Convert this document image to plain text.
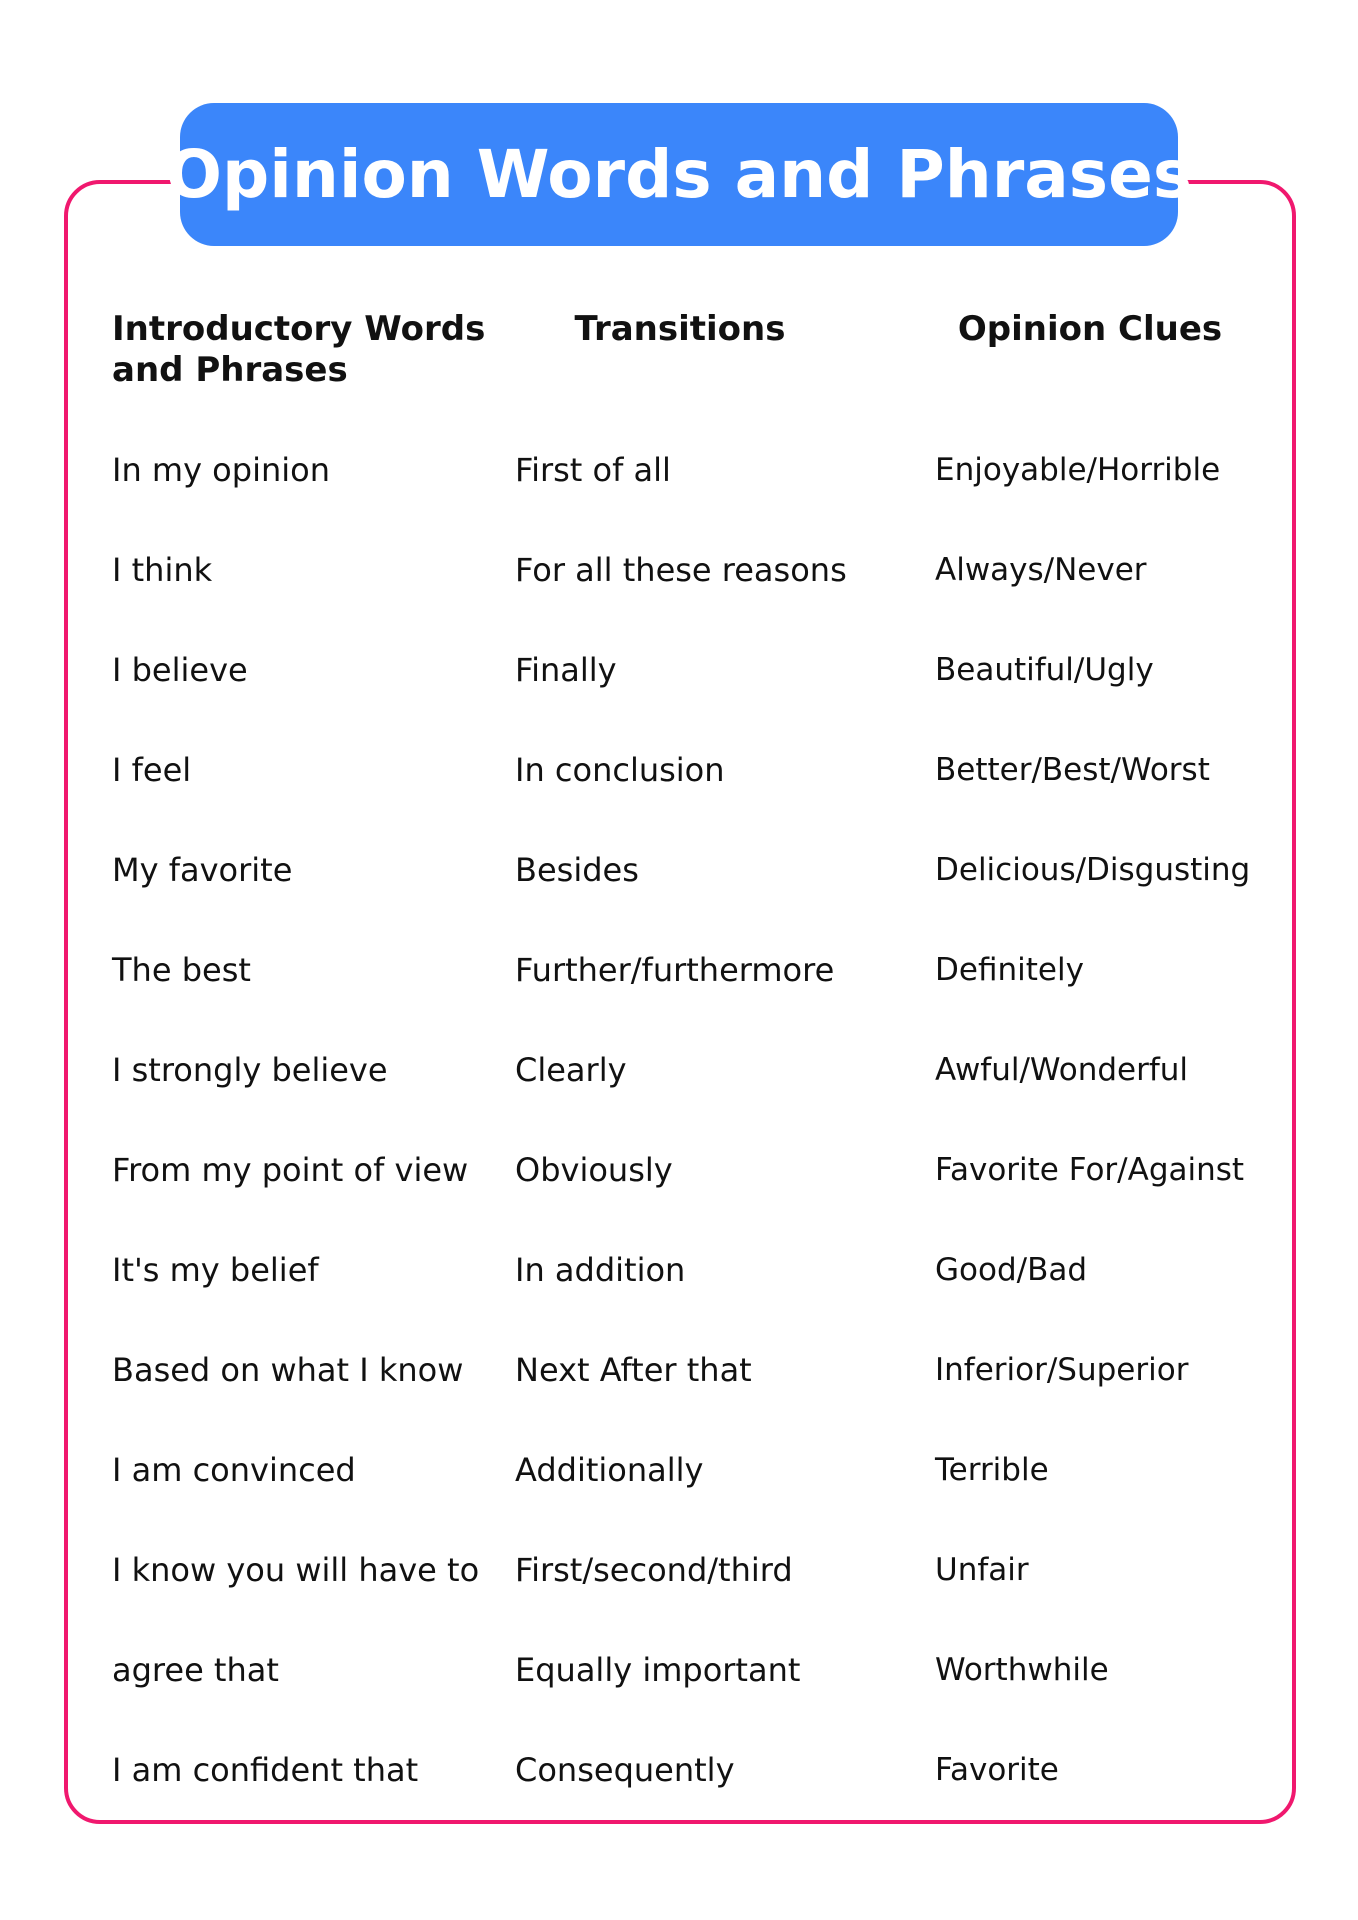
Opinion Words and Phrases
Introductory Words and Phrases
Transitions	Opinion Clues
In my opinion
I think
I believe
I feel
My favorite
The best
I strongly believe
From my point of view
It's my belief
Based on what I know
I am convinced
I know you will have to
agree that
I am confident that
First of all
For all these reasons
Finally
In conclusion
Besides
Further/furthermore
Clearly
Obviously
In addition
Next After that
Additionally
First/second/third
Equally important
Consequently
Enjoyable/Horrible
Always/Never
Beautiful/Ugly
Better/Best/Worst
Delicious/Disgusting
Definitely
Awful/Wonderful
Favorite For/Against
Good/Bad
Inferior/Superior
Terrible
Unfair
Worthwhile
Favorite
